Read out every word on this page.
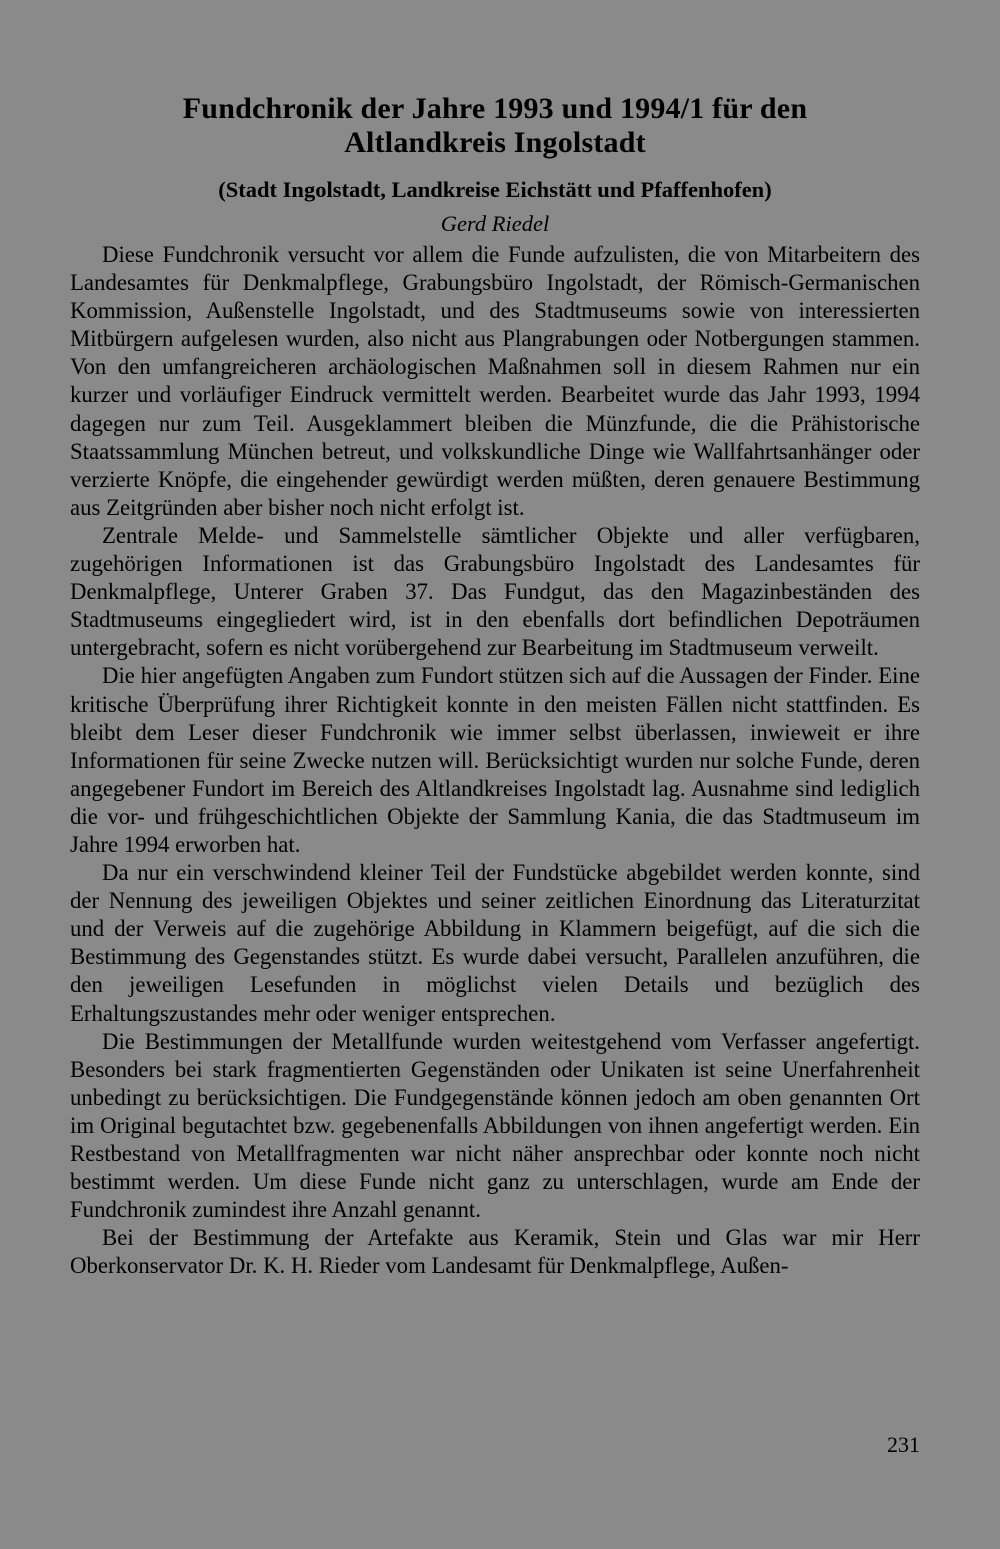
Fundchronik der Jahre 1993 und 1994/1 für den
Altlandkreis Ingolstadt

(Stadt Ingolstadt, Landkreise Eichstätt und Pfaffenhofen)

Gerd Riedel

Diese Fundchronik versucht vor allem die Funde aufzulisten, die von Mitarbeitern des Landesamtes für Denkmalpflege, Grabungsbüro Ingolstadt, der Römisch-Germanischen Kommission, Außenstelle Ingolstadt, und des Stadtmuseums sowie von interessierten Mitbürgern aufgelesen wurden, also nicht aus Plangrabungen oder Notbergungen stammen. Von den umfangreicheren archäologischen Maßnahmen soll in diesem Rahmen nur ein kurzer und vorläufiger Eindruck vermittelt werden. Bearbeitet wurde das Jahr 1993, 1994 dagegen nur zum Teil. Ausgeklammert bleiben die Münzfunde, die die Prähistorische Staatssammlung München betreut, und volkskundliche Dinge wie Wallfahrtsanhänger oder verzierte Knöpfe, die eingehender gewürdigt werden müßten, deren genauere Bestimmung aus Zeitgründen aber bisher noch nicht erfolgt ist.

Zentrale Melde- und Sammelstelle sämtlicher Objekte und aller verfügbaren, zugehörigen Informationen ist das Grabungsbüro Ingolstadt des Landesamtes für Denkmalpflege, Unterer Graben 37. Das Fundgut, das den Magazinbeständen des Stadtmuseums eingegliedert wird, ist in den ebenfalls dort befindlichen Depoträumen untergebracht, sofern es nicht vorübergehend zur Bearbeitung im Stadtmuseum verweilt.

Die hier angefügten Angaben zum Fundort stützen sich auf die Aussagen der Finder. Eine kritische Überprüfung ihrer Richtigkeit konnte in den meisten Fällen nicht stattfinden. Es bleibt dem Leser dieser Fundchronik wie immer selbst überlassen, inwieweit er ihre Informationen für seine Zwecke nutzen will. Berücksichtigt wurden nur solche Funde, deren angegebener Fundort im Bereich des Altlandkreises Ingolstadt lag. Ausnahme sind lediglich die vor- und frühgeschichtlichen Objekte der Sammlung Kania, die das Stadtmuseum im Jahre 1994 erworben hat.

Da nur ein verschwindend kleiner Teil der Fundstücke abgebildet werden konnte, sind der Nennung des jeweiligen Objektes und seiner zeitlichen Einordnung das Literaturzitat und der Verweis auf die zugehörige Abbildung in Klammern beigefügt, auf die sich die Bestimmung des Gegenstandes stützt. Es wurde dabei versucht, Parallelen anzuführen, die den jeweiligen Lesefunden in möglichst vielen Details und bezüglich des Erhaltungszustandes mehr oder weniger entsprechen.

Die Bestimmungen der Metallfunde wurden weitestgehend vom Verfasser angefertigt. Besonders bei stark fragmentierten Gegenständen oder Unikaten ist seine Unerfahrenheit unbedingt zu berücksichtigen. Die Fundgegenstände können jedoch am oben genannten Ort im Original begutachtet bzw. gegebenenfalls Abbildungen von ihnen angefertigt werden. Ein Restbestand von Metallfragmenten war nicht näher ansprechbar oder konnte noch nicht bestimmt werden. Um diese Funde nicht ganz zu unterschlagen, wurde am Ende der Fundchronik zumindest ihre Anzahl genannt.

Bei der Bestimmung der Artefakte aus Keramik, Stein und Glas war mir Herr Oberkonservator Dr. K. H. Rieder vom Landesamt für Denkmalpflege, Außen-

231
